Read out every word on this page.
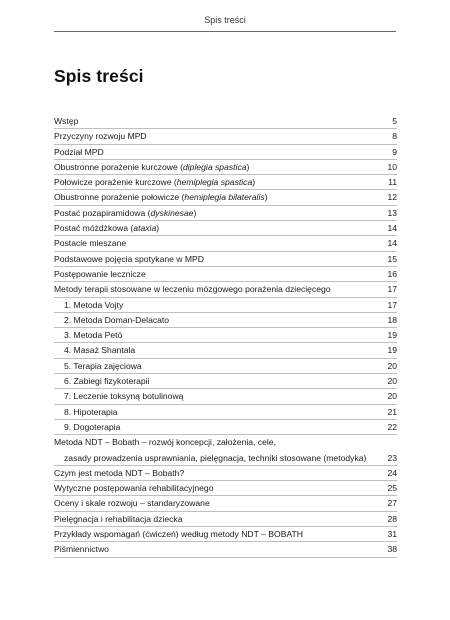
Spis treści
Spis treści
Wstęp	5
Przyczyny rozwoju MPD	8
Podział MPD	9
Obustronne porażenie kurczowe (diplegia spastica)	10
Połowicze porażenie kurczowe (hemiplegia spastica)	11
Obustronne porażenie połowicze (hemiplegia bilateralis)	12
Postać pozapiramidowa (dyskinesae)	13
Postać móżdżkowa (ataxia)	14
Postacie mieszane	14
Podstawowe pojęcia spotykane w MPD	15
Postępowanie lecznicze	16
Metody terapii stosowane w leczeniu mózgowego porażenia dziecięcego	17
1. Metoda Vojty	17
2. Metoda Doman-Delacato	18
3. Metoda Petö	19
4. Masaż Shantala	19
5. Terapia zajęciowa	20
6. Zabiegi fizykoterapii	20
7. Leczenie toksyną botulinową	20
8. Hipoterapia	21
9. Dogoterapia	22
Metoda NDT – Bobath – rozwój koncepcji, założenia, cele,
zasady prowadzenia usprawniania, pielęgnacja, techniki stosowane (metodyka) 23
Czym jest metoda NDT – Bobath?	24
Wytyczne postępowania rehabilitacyjnego	25
Oceny i skale rozwoju – standaryzowane	27
Pielęgnacja i rehabilitacja dziecka	28
Przykłady wspomagań (ćwiczeń) według metody NDT – BOBATH	31
Piśmiennictwo	38
